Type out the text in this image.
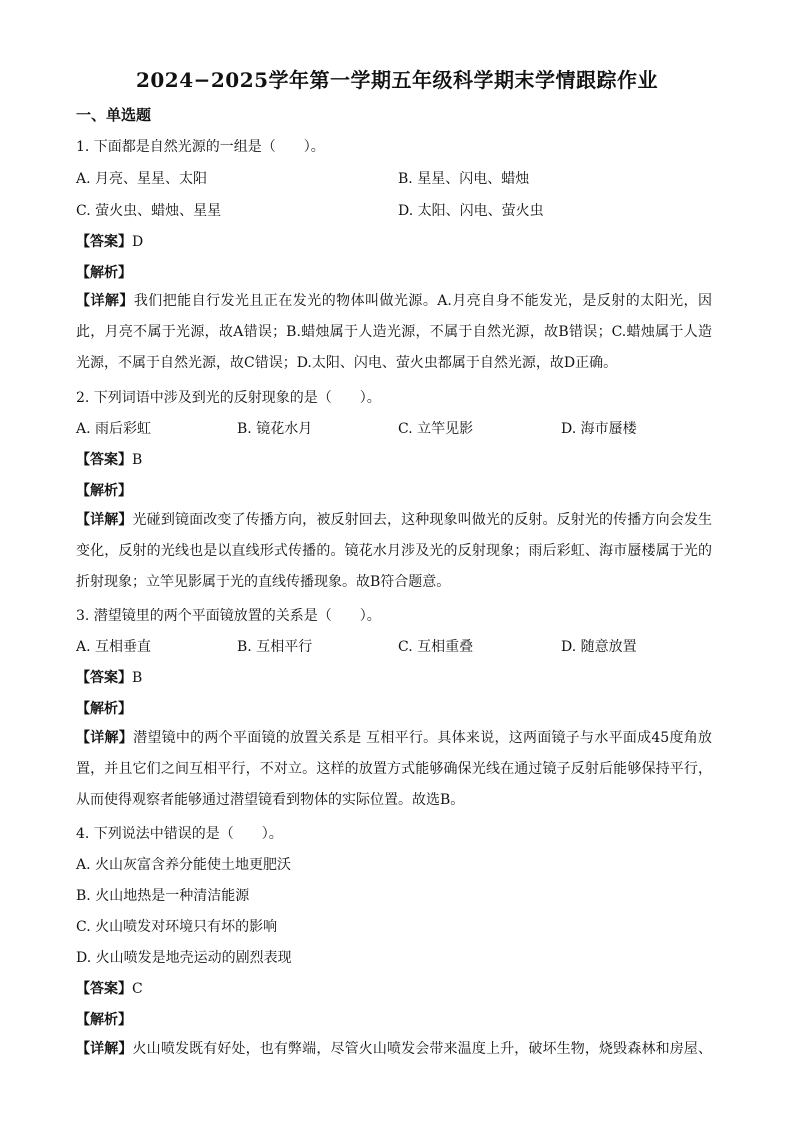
2024−2025学年第一学期五年级科学期末学情跟踪作业
一、单选题
1. 下面都是自然光源的一组是（　　）。
A. 月亮、星星、太阳	B. 星星、闪电、蜡烛
C. 萤火虫、蜡烛、星星	D. 太阳、闪电、萤火虫
【答案】D
【解析】
【详解】我们把能自行发光且正在发光的物体叫做光源。A.月亮自身不能发光，是反射的太阳光，因
此，月亮不属于光源，故A错误；B.蜡烛属于人造光源，不属于自然光源，故B错误；C.蜡烛属于人造
光源，不属于自然光源，故C错误；D.太阳、闪电、萤火虫都属于自然光源，故D正确。
2. 下列词语中涉及到光的反射现象的是（　　）。
A. 雨后彩虹	B. 镜花水月	C. 立竿见影	D. 海市蜃楼
【答案】B
【解析】
【详解】光碰到镜面改变了传播方向，被反射回去，这种现象叫做光的反射。反射光的传播方向会发生
变化，反射的光线也是以直线形式传播的。镜花水月涉及光的反射现象；雨后彩虹、海市蜃楼属于光的
折射现象；立竿见影属于光的直线传播现象。故B符合题意。
3. 潜望镜里的两个平面镜放置的关系是（　　）。
A. 互相垂直	B. 互相平行	C. 互相重叠	D. 随意放置
【答案】B
【解析】
【详解】潜望镜中的两个平面镜的放置关系是 互相平行。具体来说，这两面镜子与水平面成45度角放
置，并且它们之间互相平行，不对立。这样的放置方式能够确保光线在通过镜子反射后能够保持平行，
从而使得观察者能够通过潜望镜看到物体的实际位置。故选B。
4. 下列说法中错误的是（　　）。
A. 火山灰富含养分能使土地更肥沃
B. 火山地热是一种清洁能源
C. 火山喷发对环境只有坏的影响
D. 火山喷发是地壳运动的剧烈表现
【答案】C
【解析】
【详解】火山喷发既有好处，也有弊端，尽管火山喷发会带来温度上升，破坏生物，烧毁森林和房屋、
